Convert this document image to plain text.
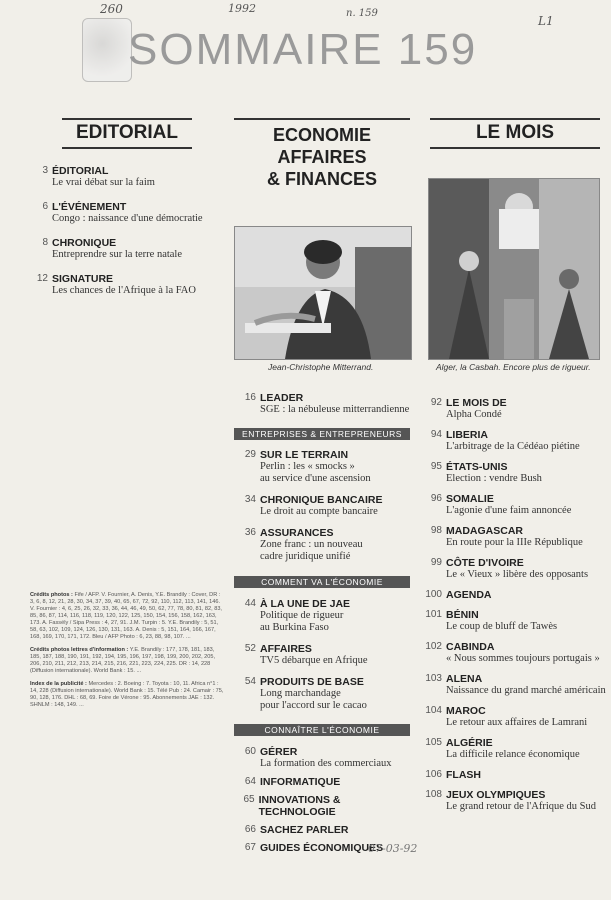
260	1992	n. 159
L1
SOMMAIRE 159
EDITORIAL	ECONOMIE
AFFAIRES
& FINANCES
LE MOIS
3 ÉDITORIAL
Le vrai débat sur la faim
6 L'ÉVÉNEMENT
Congo : naissance d'une démocratie
8 CHRONIQUE
Entreprendre sur la terre natale
12 SIGNATURE
Les chances de l'Afrique à la FAO
Jean-Christophe Mitterrand.	Alger, la Casbah. Encore plus de rigueur.
16 LEADER
SGE : la nébuleuse mitterrandienne
ENTREPRISES & ENTREPRENEURS
29 SUR LE TERRAIN
Perlin : les « smocks »
au service d'une ascension
34 CHRONIQUE BANCAIRE
Le droit au compte bancaire
36 ASSURANCES
Zone franc : un nouveau
cadre juridique unifié
COMMENT VA L'ÉCONOMIE
44 À LA UNE DE JAE
Politique de rigueur
au Burkina Faso
52 AFFAIRES
TV5 débarque en Afrique
54 PRODUITS DE BASE
Long marchandage
pour l'accord sur le cacao
CONNAÎTRE L'ÉCONOMIE
60 GÉRER
La formation des commerciaux
64 INFORMATIQUE
65 INNOVATIONS & TECHNOLOGIE
66 SACHEZ PARLER
67 GUIDES ÉCONOMIQUES
92 LE MOIS DE
Alpha Condé
94 LIBERIA
L'arbitrage de la Cédéao piétine
95 ÉTATS-UNIS
Election : vendre Bush
96 SOMALIE
L'agonie d'une faim annoncée
98 MADAGASCAR
En route pour la IIIe République
99 CÔTE D'IVOIRE
Le « Vieux » libère des opposants
100 AGENDA
101 BÉNIN
Le coup de bluff de Tawès
102 CABINDA
« Nous sommes toujours portugais »
103 ALENA
Naissance du grand marché américain
104 MAROC
Le retour aux affaires de Lamrani
105 ALGÉRIE
La difficile relance économique
106 FLASH
108 JEUX OLYMPIQUES
Le grand retour de l'Afrique du Sud
Crédits photos : Fife / AFP. V. Fournier, A. Denis, Y.E. Brandily : Cover, DR : 3, 6, 8, 12, 21, 28, 30, 34, 37, 39, 40, 65, 67, 72, 92, 110, 112, 113, 141, 146. V. Fournier : 4, 6, 25, 26, 32, 33, 36, 44, 46, 49, 50, 62, 77, 78, 80, 81, 82, 83, 85, 86, 87, 114, 116, 118, 119, 120, 122, 125, 150, 154, 156, 158, 162, 163, 173. A. Fassély / Sipa Press : 4, 27, 91. J.M. Turpin : 5. Y.E. Brandily : 5, 51, 58, 63, 102, 109, 124, 126, 130, 131, 163. A. Denis : 5, 151, 164, 166, 167, 168, 169, 170, 171, 172. Bleu / AFP Photo : 6, 23, 88, 98, 107. ...
Crédits photos lettres d'information : Y.E. Brandily : 177, 178, 181, 183, 185, 187, 188, 190, 191, 192, 194, 195, 196, 197, 198, 199, 200, 202, 205, 206, 210, 211, 212, 213, 214, 215, 216, 221, 223, 224, 225. DR : 14, 228 (Diffusion internationale). World Bank : 15. ...
Index de la publicité : Mercedes : 2. Boeing : 7. Toyota : 10, 11. Africa n°1 : 14, 228 (Diffusion internationale). World Bank : 15. Télé Pub : 24. Camair : 75, 90, 128, 176. DHL : 68, 69. Foire de Vérone : 95. Abonnements JAE : 132. SHNLM : 148, 149. ...
07-03-92
